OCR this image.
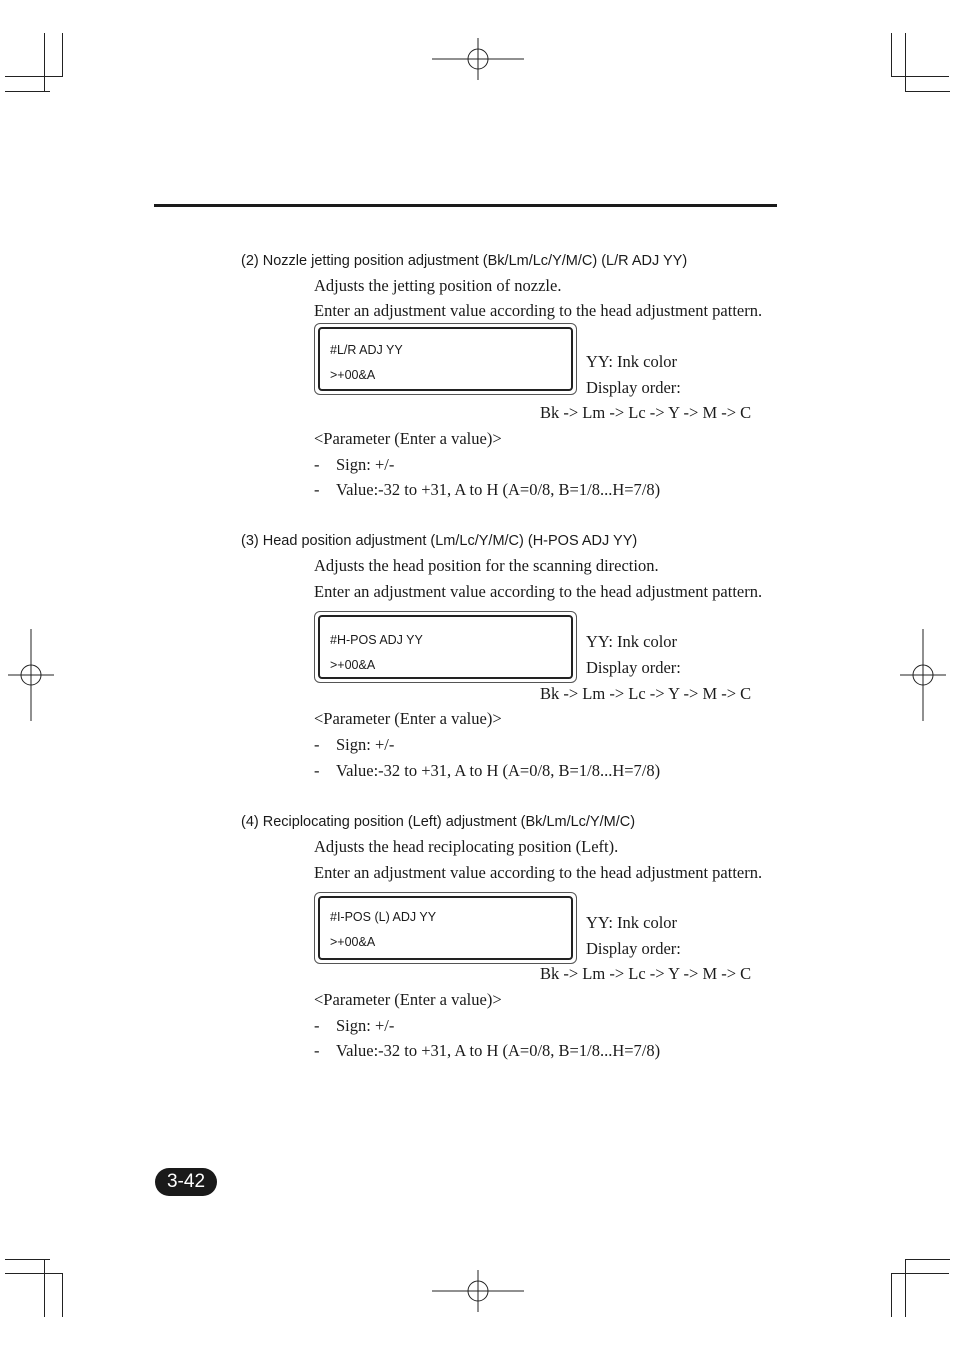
(2) Nozzle jetting position adjustment (Bk/Lm/Lc/Y/M/C) (L/R ADJ YY)
Adjusts the jetting position of nozzle.
Enter an adjustment value according to the head adjustment pattern.
#L/R ADJ YY
>+00&A
YY: Ink color
Display order:
Bk -> Lm -> Lc -> Y -> M -> C
<Parameter (Enter a value)>
- Sign: +/-
- Value:-32 to +31, A to H (A=0/8, B=1/8...H=7/8)
(3) Head position adjustment (Lm/Lc/Y/M/C) (H-POS ADJ YY)
Adjusts the head position for the scanning direction.
Enter an adjustment value according to the head adjustment pattern.
#H-POS ADJ YY
>+00&A
YY: Ink color
Display order:
Bk -> Lm -> Lc -> Y -> M -> C
<Parameter (Enter a value)>
- Sign: +/-
- Value:-32 to +31, A to H (A=0/8, B=1/8...H=7/8)
(4) Reciplocating position (Left) adjustment (Bk/Lm/Lc/Y/M/C)
Adjusts the head reciplocating position (Left).
Enter an adjustment value according to the head adjustment pattern.
#I-POS (L) ADJ YY
>+00&A
YY: Ink color
Display order:
Bk -> Lm -> Lc -> Y -> M -> C
<Parameter (Enter a value)>
- Sign: +/-
- Value:-32 to +31, A to H (A=0/8, B=1/8...H=7/8)
3-42
